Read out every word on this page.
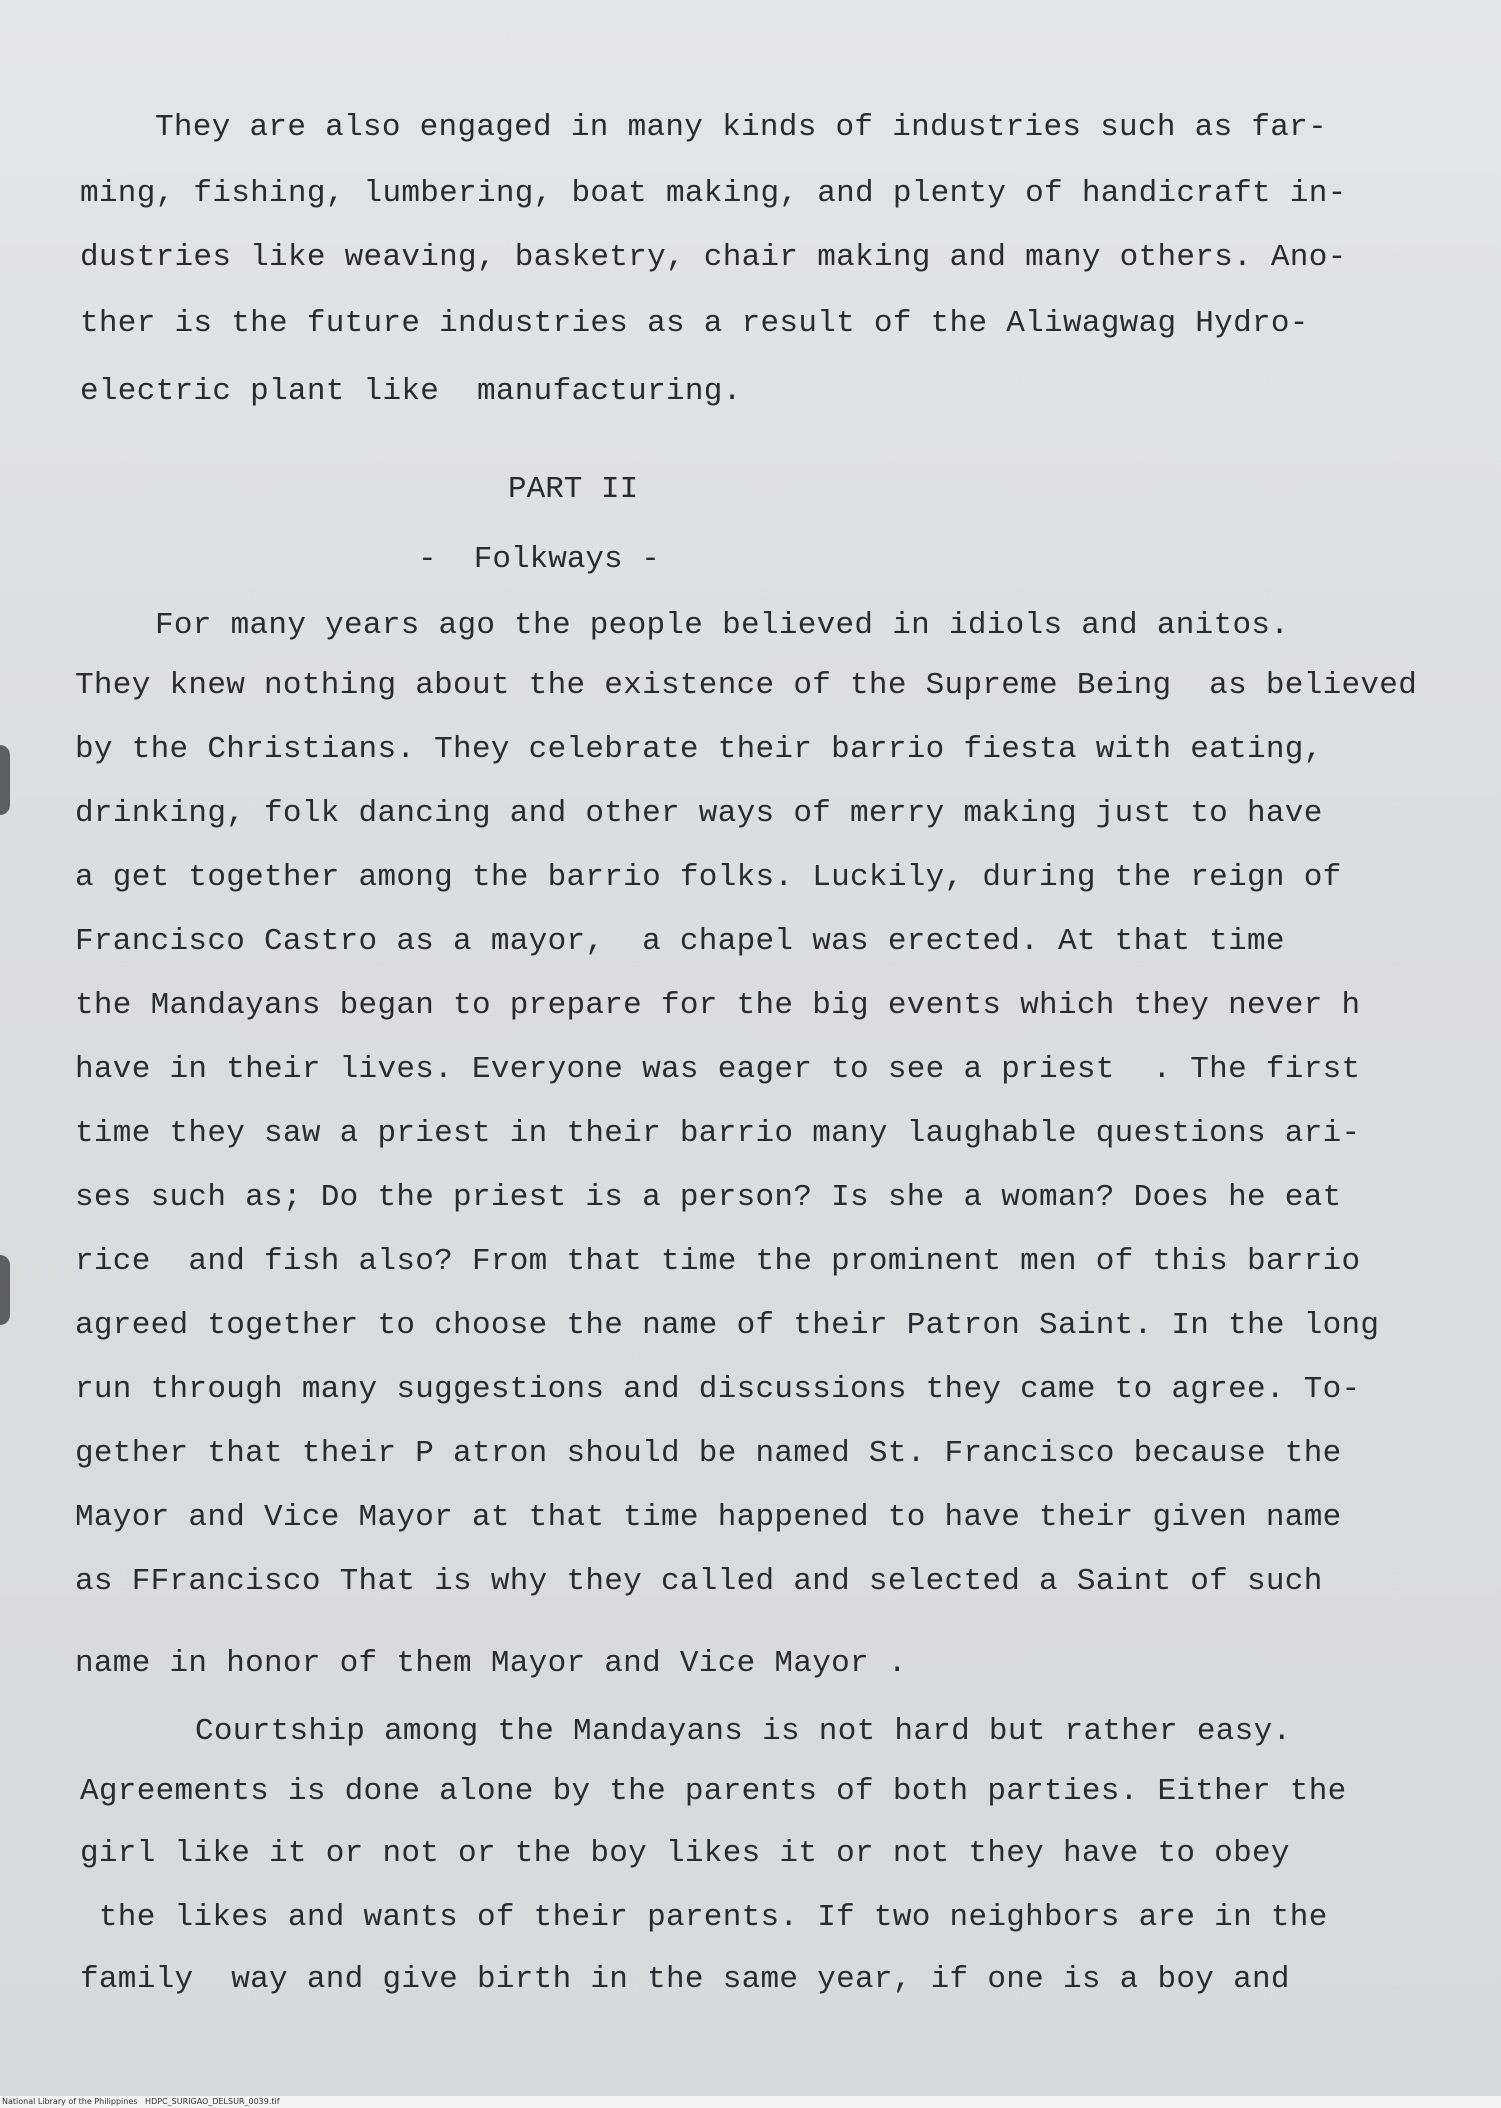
They are also engaged in many kinds of industries such as far-
ming, fishing, lumbering, boat making, and plenty of handicraft in-
dustries like weaving, basketry, chair making and many others. Ano-
ther is the future industries as a result of the Aliwagwag Hydro-
electric plant like  manufacturing.
PART II
-  Folkways -
For many years ago the people believed in idiols and anitos.
They knew nothing about the existence of the Supreme Being  as believed
by the Christians. They celebrate their barrio fiesta with eating,
drinking, folk dancing and other ways of merry making just to have
a get together among the barrio folks. Luckily, during the reign of
Francisco Castro as a mayor,  a chapel was erected. At that time
the Mandayans began to prepare for the big events which they never h
have in their lives. Everyone was eager to see a priest  . The first
time they saw a priest in their barrio many laughable questions ari-
ses such as; Do the priest is a person? Is she a woman? Does he eat
rice  and fish also? From that time the prominent men of this barrio
agreed together to choose the name of their Patron Saint. In the long
run through many suggestions and discussions they came to agree. To-
gether that their P atron should be named St. Francisco because the
Mayor and Vice Mayor at that time happened to have their given name
as FFrancisco That is why they called and selected a Saint of such
name in honor of them Mayor and Vice Mayor .
Courtship among the Mandayans is not hard but rather easy.
Agreements is done alone by the parents of both parties. Either the
girl like it or not or the boy likes it or not they have to obey
the likes and wants of their parents. If two neighbors are in the
family  way and give birth in the same year, if one is a boy and
National Library of the Philippines   HDPC_SURIGAO_DELSUR_0039.tif
